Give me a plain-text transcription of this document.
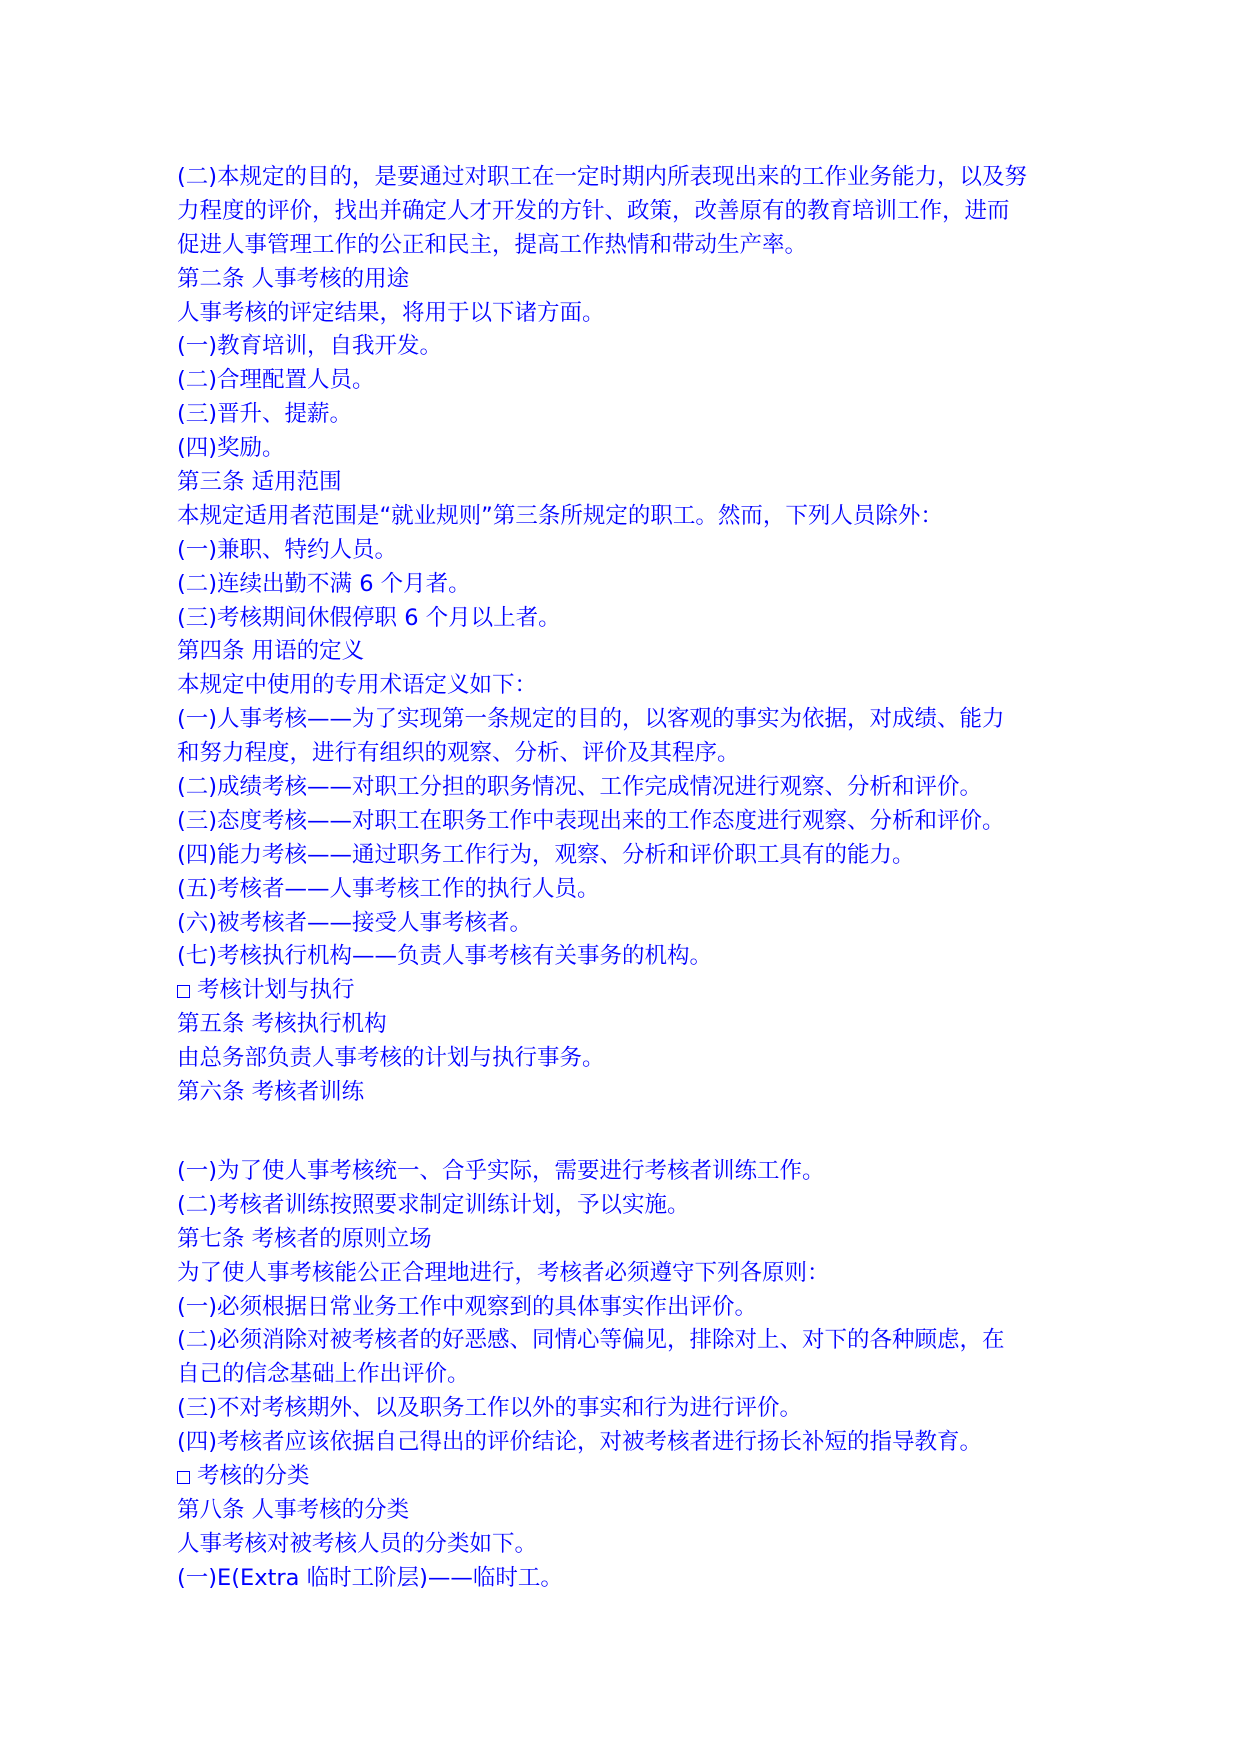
(二)本规定的目的，是要通过对职工在一定时期内所表现出来的工作业务能力，以及努
力程度的评价，找出并确定人才开发的方针、政策，改善原有的教育培训工作，进而
促进人事管理工作的公正和民主，提高工作热情和带动生产率。
第二条 人事考核的用途
人事考核的评定结果，将用于以下诸方面。
(一)教育培训，自我开发。
(二)合理配置人员。
(三)晋升、提薪。
(四)奖励。
第三条 适用范围
本规定适用者范围是“就业规则”第三条所规定的职工。然而，下列人员除外：
(一)兼职、特约人员。
(二)连续出勤不满 6 个月者。
(三)考核期间休假停职 6 个月以上者。
第四条 用语的定义
本规定中使用的专用术语定义如下：
(一)人事考核——为了实现第一条规定的目的，以客观的事实为依据，对成绩、能力
和努力程度，进行有组织的观察、分析、评价及其程序。
(二)成绩考核——对职工分担的职务情况、工作完成情况进行观察、分析和评价。
(三)态度考核——对职工在职务工作中表现出来的工作态度进行观察、分析和评价。
(四)能力考核——通过职务工作行为，观察、分析和评价职工具有的能力。
(五)考核者——人事考核工作的执行人员。
(六)被考核者——接受人事考核者。
(七)考核执行机构——负责人事考核有关事务的机构。
考核计划与执行
第五条 考核执行机构
由总务部负责人事考核的计划与执行事务。
第六条 考核者训练
(一)为了使人事考核统一、合乎实际，需要进行考核者训练工作。
(二)考核者训练按照要求制定训练计划，予以实施。
第七条 考核者的原则立场
为了使人事考核能公正合理地进行，考核者必须遵守下列各原则：
(一)必须根据日常业务工作中观察到的具体事实作出评价。
(二)必须消除对被考核者的好恶感、同情心等偏见，排除对上、对下的各种顾虑，在
自己的信念基础上作出评价。
(三)不对考核期外、以及职务工作以外的事实和行为进行评价。
(四)考核者应该依据自己得出的评价结论，对被考核者进行扬长补短的指导教育。
考核的分类
第八条 人事考核的分类
人事考核对被考核人员的分类如下。
(一)E(Extra 临时工阶层)——临时工。
